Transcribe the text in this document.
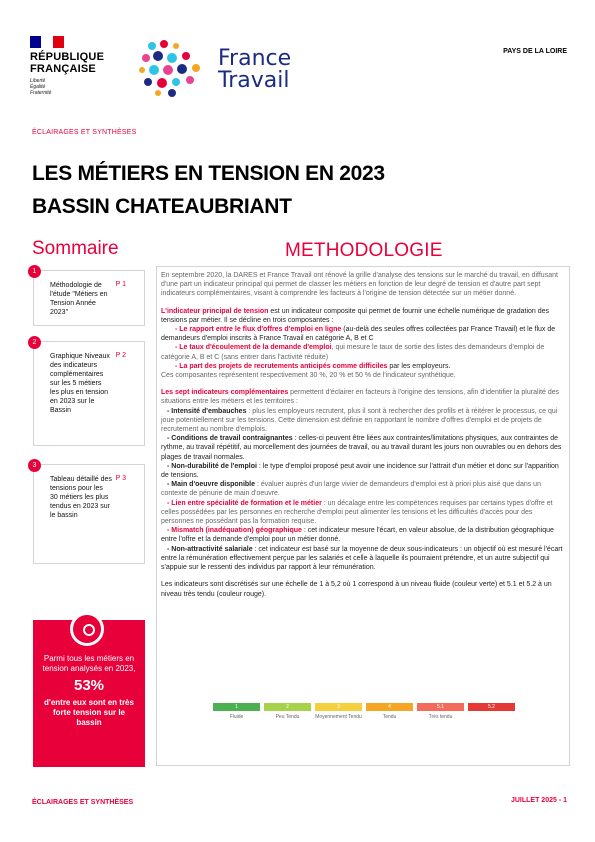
RÉPUBLIQUE
FRANÇAISE
Liberté
Égalité
Fraternité
France
Travail
PAYS DE LA LOIRE
ÉCLAIRAGES ET SYNTHÈSES
LES MÉTIERS EN TENSION EN 2023
BASSIN CHATEAUBRIANT
Sommaire
1
Méthodologie de l'étude "Métiers en Tension Année 2023"
P 1
2
Graphique Niveaux des indicateurs complémentaires sur les 5 métiers les plus en tension en 2023 sur le Bassin
P 2
3
Tableau détaillé des tensions pour les 30 métiers les plus tendus en 2023 sur le bassin
P 3
Parmi tous les métiers en tension analysés en 2023,
53%
d'entre eux sont en très forte tension sur le bassin
METHODOLOGIE

En septembre 2020, la DARES et France Travail ont rénové la grille d'analyse des tensions sur le marché du travail, en diffusant d'une part un indicateur principal qui permet de classer les métiers en fonction de leur degré de tension et d'autre part sept indicateurs complémentaires, visant à comprendre les facteurs à l'origine de tension détectée sur un métier donné.

L'indicateur principal de tension est un indicateur composite qui permet de fournir une échelle numérique de gradation des tensions par métier. Il se décline en trois composantes :
- Le rapport entre le flux d'offres d'emploi en ligne (au-delà des seules offres collectées par France Travail) et le flux de demandeurs d'emploi inscrits à France Travail en catégorie A, B et C
- Le taux d'écoulement de la demande d'emploi, qui mesure le taux de sortie des listes des demandeurs d'emploi de catégorie A, B et C (sans entrer dans l'activité réduite)
- La part des projets de recrutements anticipés comme difficiles par les employeurs.
Ces composantes représentent respectivement 30 %, 20 % et 50 % de l'indicateur synthétique.

Les sept indicateurs complémentaires permettent d'éclairer en facteurs à l'origine des tensions, afin d'identifier la pluralité des situations entre les métiers et les territoires :
- Intensité d'embauches : plus les employeurs recrutent, plus il sont à rechercher des profils et à réitérer le processus, ce qui joue potentiellement sur les tensions. Cette dimension est définie en rapportant le nombre d'offres d'emploi et de projets de recrutement au nombre d'emplois.
- Conditions de travail contraignantes : celles-ci peuvent être liées aux contraintes/limitations physiques, aux contraintes de rythme, au travail répétitif, au morcellement des journées de travail, ou au travail durant les jours non ouvrables ou en dehors des plages de travail normales.
- Non-durabilité de l'emploi : le type d'emploi proposé peut avoir une incidence sur l'attrait d'un métier et donc sur l'apparition de tensions.
- Main d'oeuvre disponible : évaluer auprès d'un large vivier de demandeurs d'emploi est à priori plus aisé que dans un contexte de pénurie de main d'oeuvre.
- Lien entre spécialité de formation et le métier : un décalage entre les compétences requises par certains types d'offre et celles possédées par les personnes en recherche d'emploi peut alimenter les tensions et les difficultés d'accès pour des personnes ne possédant pas la formation requise.
- Mismatch (inadéquation) géographique : cet indicateur mesure l'écart, en valeur absolue, de la distribution géographique entre l'offre et la demande d'emploi pour un métier donné.
- Non-attractivité salariale : cet indicateur est basé sur la moyenne de deux sous-indicateurs : un objectif où est mesuré l'écart entre la rémunération effectivement perçue par les salariés et celle à laquelle ils pourraient prétendre, et un autre subjectif qui s'appuie sur le ressenti des individus par rapport à leur rémunération.

Les indicateurs sont discrétisés sur une échelle de 1 à 5,2 où 1 correspond à un niveau fluide (couleur verte) et 5.1 et 5.2 à un niveau très tendu (couleur rouge).

1
Fluide
2
Peu Tendu
3
Moyennement Tendu
4
Tendu
5.1
Très tendu
5.2
ÉCLAIRAGES ET SYNTHÈSES	JUILLET 2025 - 1
